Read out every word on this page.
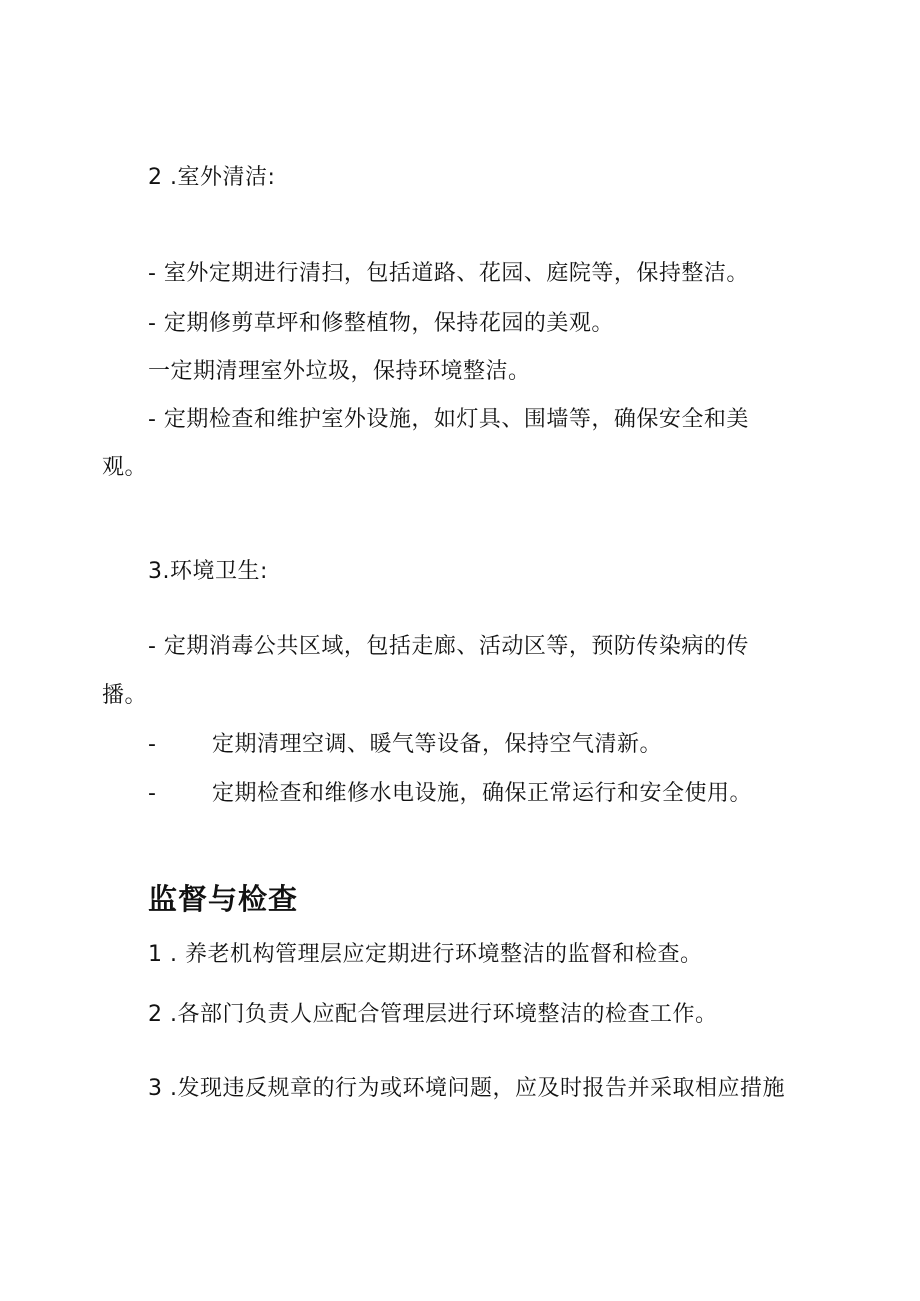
2 .室外清洁:
- 室外定期进行清扫，包括道路、花园、庭院等，保持整洁。
- 定期修剪草坪和修整植物，保持花园的美观。
一定期清理室外垃圾，保持环境整洁。
- 定期检查和维护室外设施，如灯具、围墙等，确保安全和美
观。
3.环境卫生:
- 定期消毒公共区域，包括走廊、活动区等，预防传染病的传
播。
-	定期清理空调、暖气等设备，保持空气清新。
-	定期检查和维修水电设施，确保正常运行和安全使用。
监督与检查
1 . 养老机构管理层应定期进行环境整洁的监督和检查。
2 .各部门负责人应配合管理层进行环境整洁的检查工作。
3 .发现违反规章的行为或环境问题，应及时报告并采取相应措施
